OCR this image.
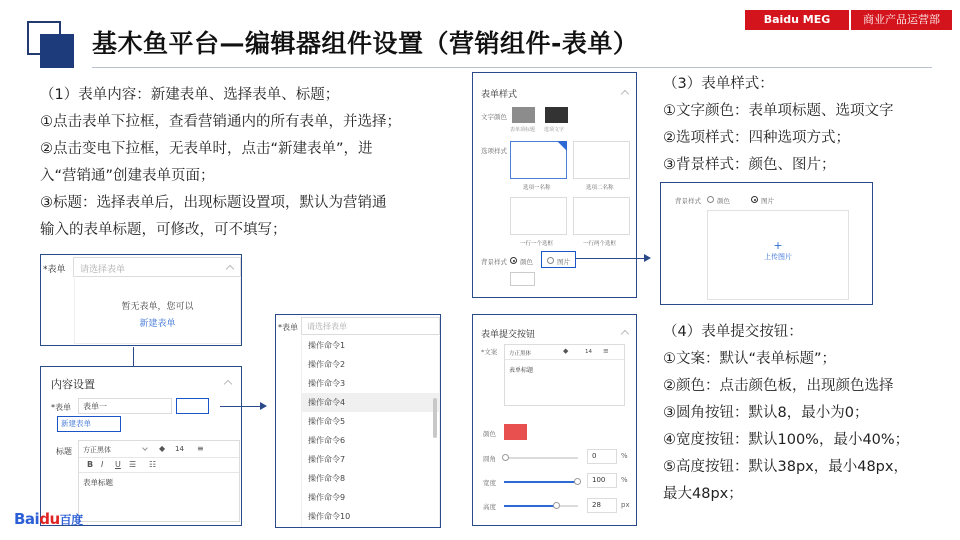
基木鱼平台—编辑器组件设置（营销组件-表单）
Baidu MEG	商业产品运营部
（1）表单内容：新建表单、选择表单、标题；
①点击表单下拉框，查看营销通内的所有表单，并选择；
②点击变电下拉框，无表单时，点击“新建表单”，进
入“营销通”创建表单页面；
③标题：选择表单后，出现标题设置项，默认为营销通
输入的表单标题，可修改，可不填写；
*表单 请选择表单
暂无表单，您可以
新建表单
内容设置
*表单 表单一
新建表单
标题 方正黑体	◆ 14 ≡
B I U ☰ ☷
表单标题
*表单 请选择表单
操作命令1
操作命令2
操作命令3
操作命令4
操作命令5
操作命令6
操作命令7
操作命令8
操作命令9
操作命令10
表单样式
文字颜色
表单项标题 选项文字
选项样式
选项一名称	选项二名称
一行一个选框	一行两个选框
背景样式 颜色	图片
（3）表单样式：
①文字颜色：表单项标题、选项文字
②选项样式：四种选项方式；
③背景样式：颜色、图片；
背景样式 颜色	图片
+
上传图片
表单提交按钮
*文案 方正黑体	◆	14 ≡
表单标题
颜色
圆角	0	%
宽度	100	%
高度	28	px
（4）表单提交按钮：
①文案：默认“表单标题”；
②颜色：点击颜色板，出现颜色选择
③圆角按钮：默认8，最小为0；
④宽度按钮：默认100%，最小40%；
⑤高度按钮：默认38px，最小48px，
最大48px；
Baidu百度
